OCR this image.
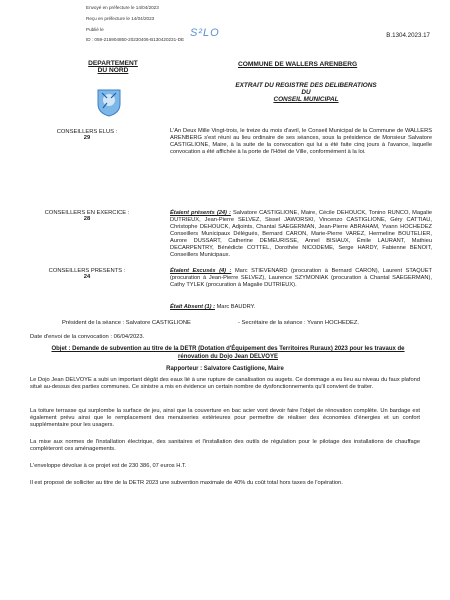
Envoyé en préfecture le 14/04/2023
Reçu en préfecture le 14/04/2023
Publié le
ID : 059-215904850-20230406-B130420231-DE
S²LO	B.1304.2023.17
DEPARTEMENT
DU NORD
COMMUNE DE WALLERS ARENBERG
EXTRAIT DU REGISTRE DES DELIBERATIONS DU
CONSEIL MUNICIPAL
CONSEILLERS ELUS :
29
L'An Deux Mille Vingt-trois, le treize du mois d'avril, le Conseil Municipal de la Commune de WALLERS ARENBERG s'est réuni au lieu ordinaire de ses séances, sous la présidence de Monsieur Salvatore CASTIGLIONE, Maire, à la suite de la convocation qui lui a été faite cinq jours à l'avance, laquelle convocation a été affichée à la porte de l'Hôtel de Ville, conformément à la loi.
CONSEILLERS EN EXERCICE :
28
Étaient présents (24) : Salvatore CASTIGLIONE, Maire, Cécile DEHOUCK, Tonino RUNCO, Magalie DUTRIEUX, Jean-Pierre SELVEZ, Sissel JAWORSKI, Vincenzo CASTIGLIONE, Géry CATTIAU, Christophe DEHOUCK, Adjoints, Chantal SAEGERMAN, Jean-Pierre ABRAHAM, Yvann HOCHEDEZ Conseillers Municipaux Délégués, Bernard CARON, Marie-Pierre VAREZ, Hermeline BOUTELIER, Aurore DUSSART, Catherine DEMEURISSE, Annel BISIAUX, Émile LAURANT, Mathieu DECARPENTRY, Bénédicte COTTEL, Dorothée NICODEME, Serge HARDY, Fabienne BENOIT, Conseillers Municipaux.
CONSEILLERS PRESENTS :
24
Étaient Excusés (4) : Marc STIEVENARD (procuration à Bernard CARON), Laurent STAQUET (procuration à Jean-Pierre SELVEZ), Laurence SZYMONIAK (procuration à Chantal SAEGERMAN), Cathy TYLEK (procuration à Magalie DUTRIEUX).
Était Absent (1) : Marc BAUDRY.
Président de la séance : Salvatore CASTIGLIONE	- Secrétaire de la séance : Yvann HOCHEDEZ.
Date d'envoi de la convocation : 06/04/2023.
Objet : Demande de subvention au titre de la DETR (Dotation d'Équipement des Territoires Ruraux) 2023 pour les travaux de rénovation du Dojo Jean DELVOYE
Rapporteur : Salvatore Castiglione, Maire
Le Dojo Jean DELVOYE a subi un important dégât des eaux lié à une rupture de canalisation ou augets. Ce dommage a eu lieu au niveau du faux plafond situé au-dessus des parties communes. Ce sinistre a mis en évidence un certain nombre de dysfonctionnements qu'il convient de traiter.
La toiture terrasse qui surplombe la surface de jeu, ainsi que la couverture en bac acier vont devoir faire l'objet de rénovation complète. Un bardage est également prévu ainsi que le remplacement des menuiseries extérieures pour permettre de réaliser des économies d'énergies et un confort supplémentaire pour les usagers.
La mise aux normes de l'installation électrique, des sanitaires et l'installation des outils de régulation pour le pilotage des installations de chauffage complèteront ces aménagements.
L'enveloppe dévolue à ce projet est de 230 386, 07 euros H.T.
Il est proposé de solliciter au titre de la DETR 2023 une subvention maximale de 40% du coût total hors taxes de l'opération.
